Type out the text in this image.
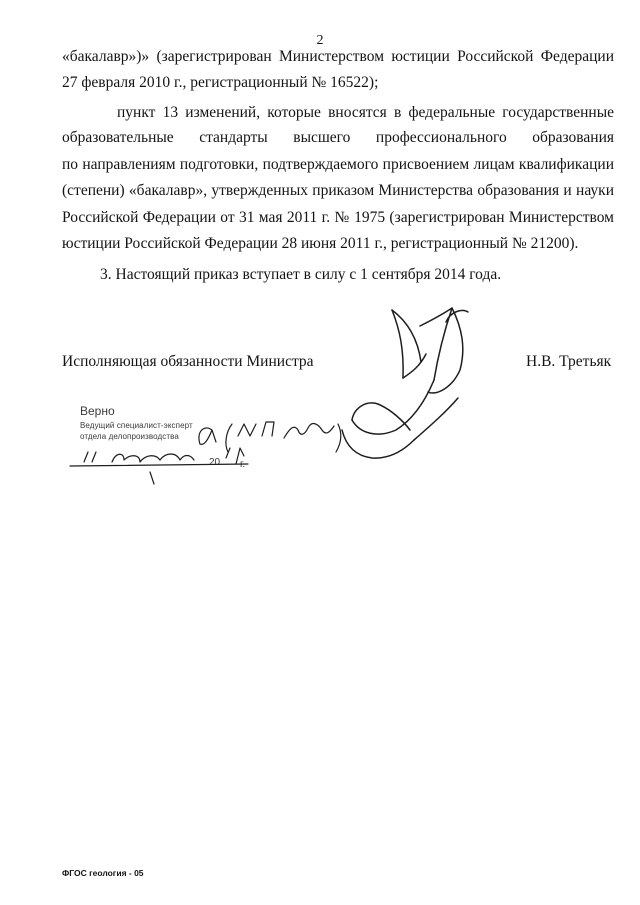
2
«бакалавр»)» (зарегистрирован Министерством юстиции Российской Федерации
27 февраля 2010 г., регистрационный № 16522);
пункт 13 изменений, которые вносятся в федеральные государственные
образовательные стандарты высшего профессионального образования
по направлениям подготовки, подтверждаемого присвоением лицам квалификации
(степени) «бакалавр», утвержденных приказом Министерства образования и науки
Российской Федерации от 31 мая 2011 г. № 1975 (зарегистрирован Министерством
юстиции Российской Федерации 28 июня 2011 г., регистрационный № 21200).
3. Настоящий приказ вступает в силу с 1 сентября 2014 года.
Исполняющая обязанности Министра	Н.В. Третьяк
Верно
Ведущий специалист-эксперт
отдела делопроизводства
20 г.
ФГОС геология - 05
